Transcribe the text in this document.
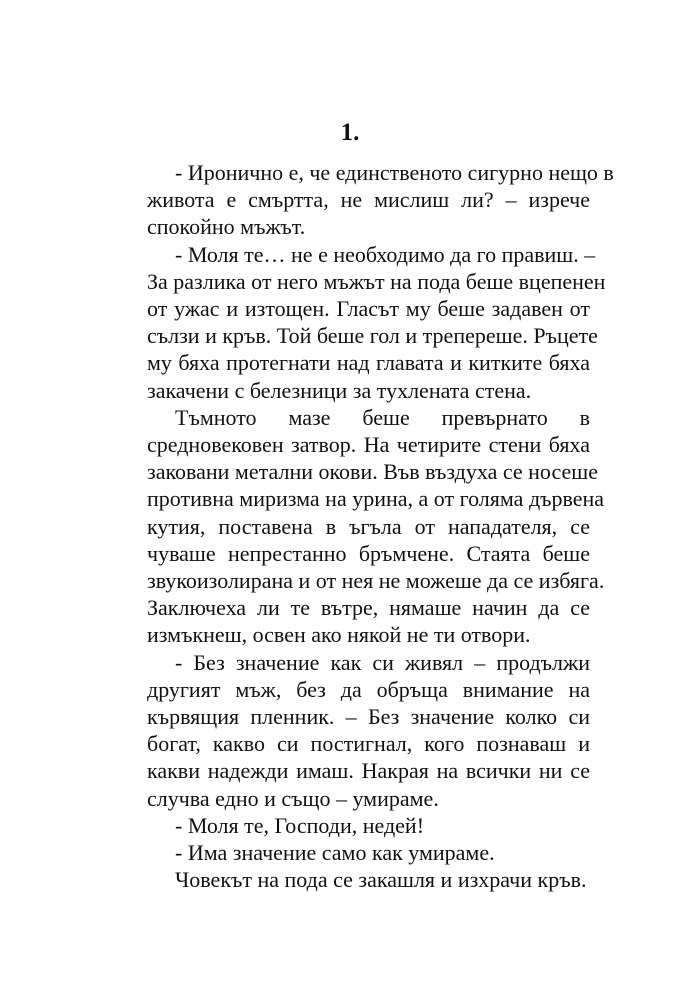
1.

- Иронично е, че единственото сигурно нещо в
живота е смъртта, не мислиш ли? – изрече
спокойно мъжът.

- Моля те… не е необходимо да го правиш. –
За разлика от него мъжът на пода беше вцепенен
от ужас и изтощен. Гласът му беше задавен от
сълзи и кръв. Той беше гол и трепереше. Ръцете
му бяха протегнати над главата и китките бяха
закачени с белезници за тухлената стена.

Тъмното мазе беше превърнато в
средновековен затвор. На четирите стени бяха
заковани метални окови. Във въздуха се носеше
противна миризма на урина, а от голяма дървена
кутия, поставена в ъгъла от нападателя, се
чуваше непрестанно бръмчене. Стаята беше
звукоизолирана и от нея не можеше да се избяга.
Заключеха ли те вътре, нямаше начин да се
измъкнеш, освен ако някой не ти отвори.

- Без значение как си живял – продължи
другият мъж, без да обръща внимание на
кървящия пленник. – Без значение колко си
богат, какво си постигнал, кого познаваш и
какви надежди имаш. Накрая на всички ни се
случва едно и също – умираме.

- Моля те, Господи, недей!

- Има значение само как умираме.

Човекът на пода се закашля и изхрачи кръв.
